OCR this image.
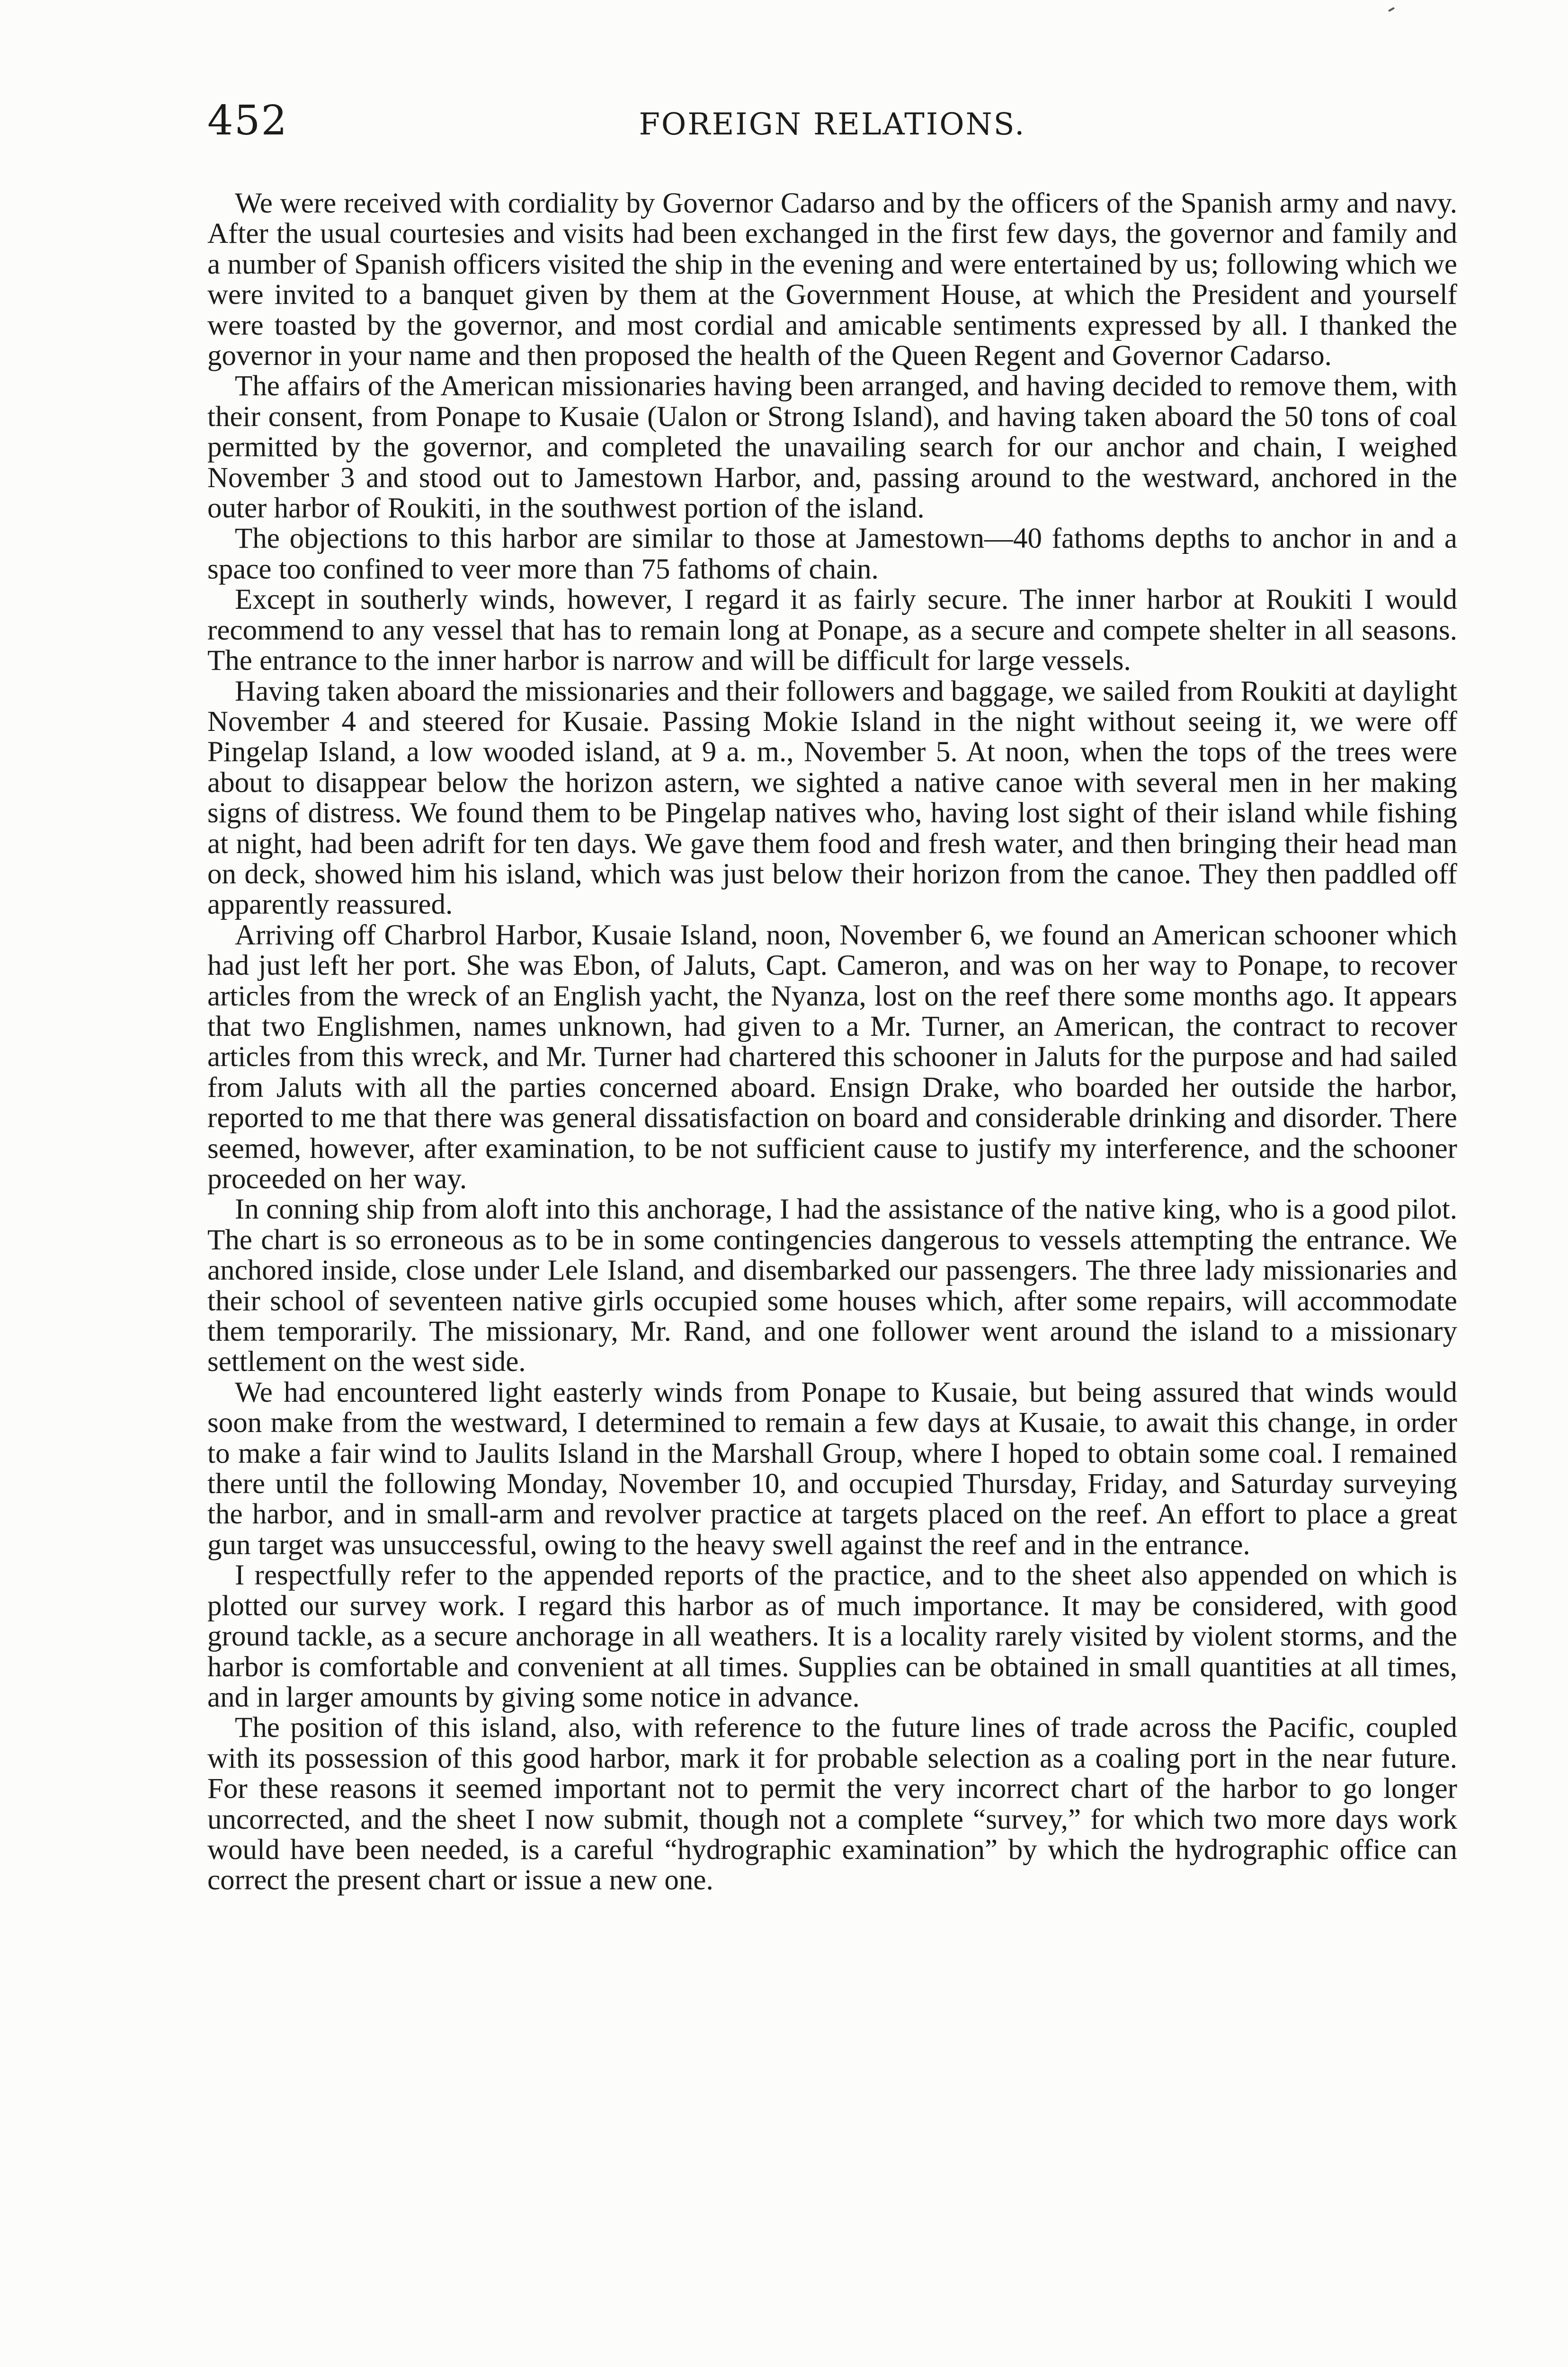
452	FOREIGN RELATIONS.

We were received with cordiality by Governor Cadarso and by the officers of the Spanish army and navy. After the usual courtesies and visits had been exchanged in the first few days, the governor and family and a number of Spanish officers visited the ship in the evening and were entertained by us; following which we were invited to a banquet given by them at the Government House, at which the President and yourself were toasted by the governor, and most cordial and amicable sentiments expressed by all. I thanked the governor in your name and then proposed the health of the Queen Regent and Governor Cadarso.

The affairs of the American missionaries having been arranged, and having decided to remove them, with their consent, from Ponape to Kusaie (Ualon or Strong Island), and having taken aboard the 50 tons of coal permitted by the governor, and completed the unavailing search for our anchor and chain, I weighed November 3 and stood out to Jamestown Harbor, and, passing around to the westward, anchored in the outer harbor of Roukiti, in the southwest portion of the island.

The objections to this harbor are similar to those at Jamestown—40 fathoms depths to anchor in and a space too confined to veer more than 75 fathoms of chain.

Except in southerly winds, however, I regard it as fairly secure. The inner harbor at Roukiti I would recommend to any vessel that has to remain long at Ponape, as a secure and compete shelter in all seasons. The entrance to the inner harbor is narrow and will be difficult for large vessels.

Having taken aboard the missionaries and their followers and baggage, we sailed from Roukiti at daylight November 4 and steered for Kusaie. Passing Mokie Island in the night without seeing it, we were off Pingelap Island, a low wooded island, at 9 a. m., November 5. At noon, when the tops of the trees were about to disappear below the horizon astern, we sighted a native canoe with several men in her making signs of distress. We found them to be Pingelap natives who, having lost sight of their island while fishing at night, had been adrift for ten days. We gave them food and fresh water, and then bringing their head man on deck, showed him his island, which was just below their horizon from the canoe. They then paddled off apparently reassured.

Arriving off Charbrol Harbor, Kusaie Island, noon, November 6, we found an American schooner which had just left her port. She was Ebon, of Jaluts, Capt. Cameron, and was on her way to Ponape, to recover articles from the wreck of an English yacht, the Nyanza, lost on the reef there some months ago. It appears that two Englishmen, names unknown, had given to a Mr. Turner, an American, the contract to recover articles from this wreck, and Mr. Turner had chartered this schooner in Jaluts for the purpose and had sailed from Jaluts with all the parties concerned aboard. Ensign Drake, who boarded her outside the harbor, reported to me that there was general dissatisfaction on board and considerable drinking and disorder. There seemed, however, after examination, to be not sufficient cause to justify my interference, and the schooner proceeded on her way.

In conning ship from aloft into this anchorage, I had the assistance of the native king, who is a good pilot. The chart is so erroneous as to be in some contingencies dangerous to vessels attempting the entrance. We anchored inside, close under Lele Island, and disembarked our passengers. The three lady missionaries and their school of seventeen native girls occupied some houses which, after some repairs, will accommodate them temporarily. The missionary, Mr. Rand, and one follower went around the island to a missionary settlement on the west side.

We had encountered light easterly winds from Ponape to Kusaie, but being assured that winds would soon make from the westward, I determined to remain a few days at Kusaie, to await this change, in order to make a fair wind to Jaulits Island in the Marshall Group, where I hoped to obtain some coal. I remained there until the following Monday, November 10, and occupied Thursday, Friday, and Saturday surveying the harbor, and in small-arm and revolver practice at targets placed on the reef. An effort to place a great gun target was unsuccessful, owing to the heavy swell against the reef and in the entrance.

I respectfully refer to the appended reports of the practice, and to the sheet also appended on which is plotted our survey work. I regard this harbor as of much importance. It may be considered, with good ground tackle, as a secure anchorage in all weathers. It is a locality rarely visited by violent storms, and the harbor is comfortable and convenient at all times. Supplies can be obtained in small quantities at all times, and in larger amounts by giving some notice in advance.

The position of this island, also, with reference to the future lines of trade across the Pacific, coupled with its possession of this good harbor, mark it for probable selection as a coaling port in the near future. For these reasons it seemed important not to permit the very incorrect chart of the harbor to go longer uncorrected, and the sheet I now submit, though not a complete “survey,” for which two more days work would have been needed, is a careful “hydrographic examination” by which the hydrographic office can correct the present chart or issue a new one.
